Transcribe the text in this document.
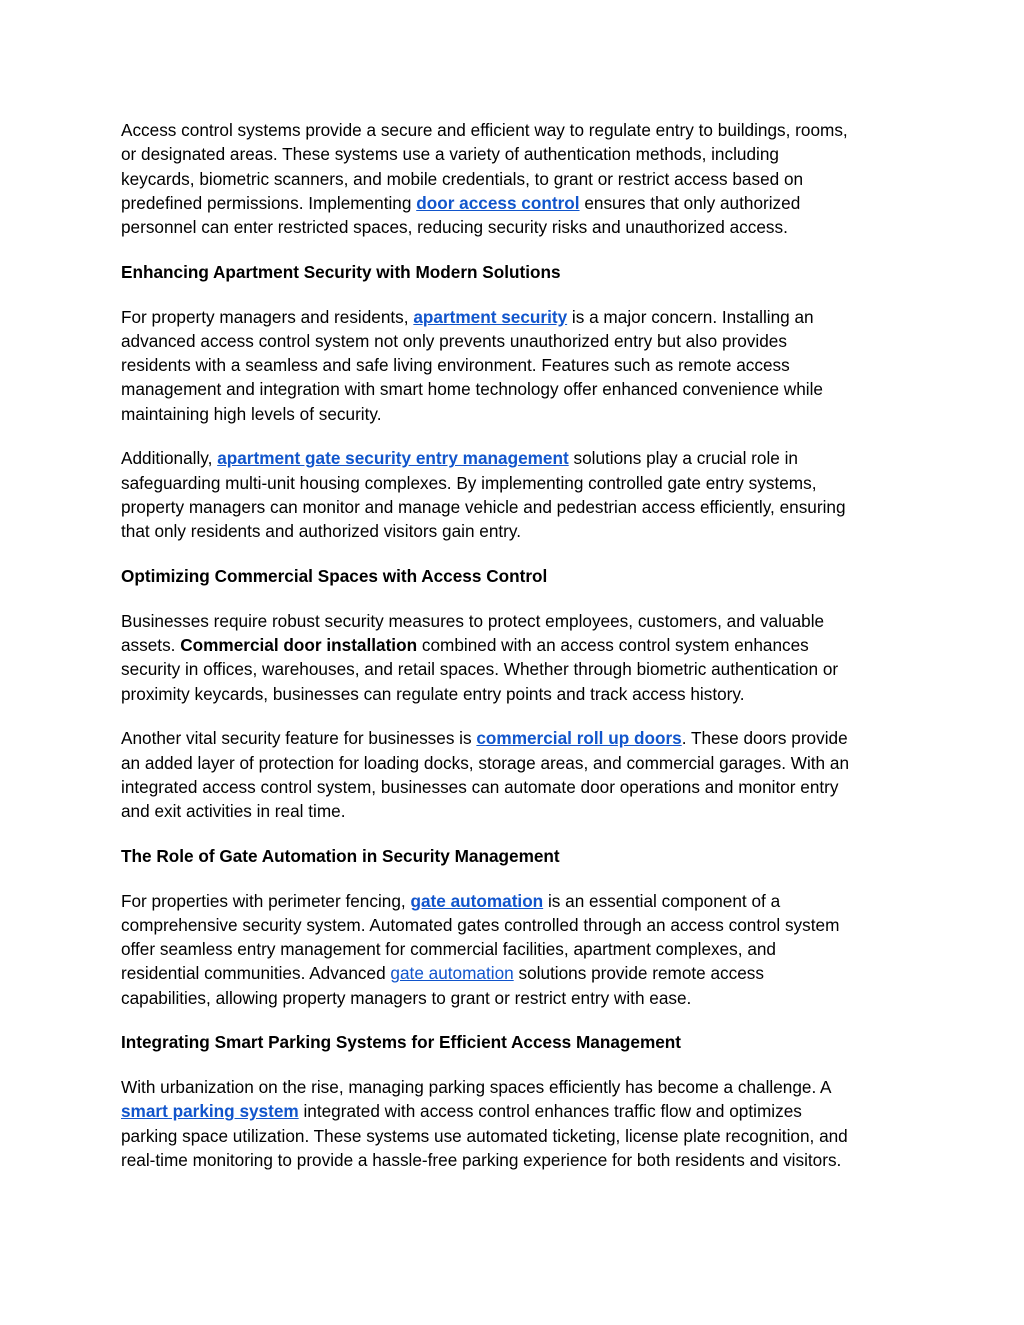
Access control systems provide a secure and efficient way to regulate entry to buildings, rooms,
or designated areas. These systems use a variety of authentication methods, including
keycards, biometric scanners, and mobile credentials, to grant or restrict access based on
predefined permissions. Implementing door access control ensures that only authorized
personnel can enter restricted spaces, reducing security risks and unauthorized access.
Enhancing Apartment Security with Modern Solutions
For property managers and residents, apartment security is a major concern. Installing an
advanced access control system not only prevents unauthorized entry but also provides
residents with a seamless and safe living environment. Features such as remote access
management and integration with smart home technology offer enhanced convenience while
maintaining high levels of security.
Additionally, apartment gate security entry management solutions play a crucial role in
safeguarding multi-unit housing complexes. By implementing controlled gate entry systems,
property managers can monitor and manage vehicle and pedestrian access efficiently, ensuring
that only residents and authorized visitors gain entry.
Optimizing Commercial Spaces with Access Control
Businesses require robust security measures to protect employees, customers, and valuable
assets. Commercial door installation combined with an access control system enhances
security in offices, warehouses, and retail spaces. Whether through biometric authentication or
proximity keycards, businesses can regulate entry points and track access history.
Another vital security feature for businesses is commercial roll up doors. These doors provide
an added layer of protection for loading docks, storage areas, and commercial garages. With an
integrated access control system, businesses can automate door operations and monitor entry
and exit activities in real time.
The Role of Gate Automation in Security Management
For properties with perimeter fencing, gate automation is an essential component of a
comprehensive security system. Automated gates controlled through an access control system
offer seamless entry management for commercial facilities, apartment complexes, and
residential communities. Advanced gate automation solutions provide remote access
capabilities, allowing property managers to grant or restrict entry with ease.
Integrating Smart Parking Systems for Efficient Access Management
With urbanization on the rise, managing parking spaces efficiently has become a challenge. A
smart parking system integrated with access control enhances traffic flow and optimizes
parking space utilization. These systems use automated ticketing, license plate recognition, and
real-time monitoring to provide a hassle-free parking experience for both residents and visitors.
